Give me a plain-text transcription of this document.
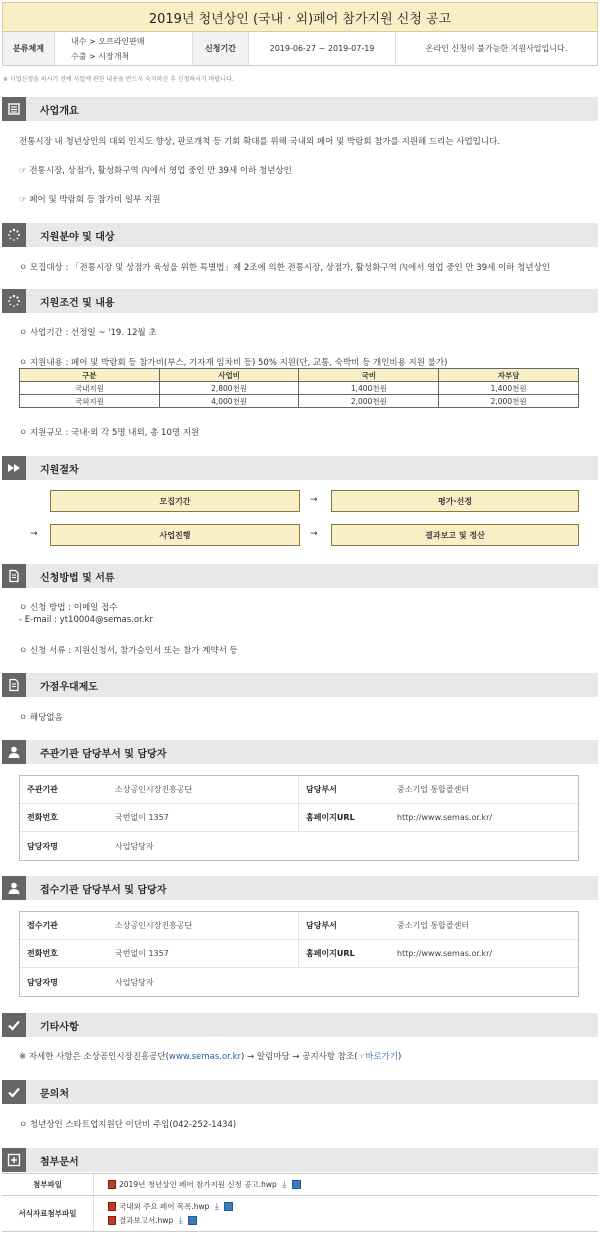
2019년 청년상인 (국내 · 외)페어 참가지원 신청 공고
분류체계
내수 > 오프라인판매
수출 > 시장개척
신청기간	2019-06-27 ~ 2019-07-19	온라인 신청이 불가능한 지원사업입니다.
※ 사업신청을 하시기 전에 사업에 관한 내용을 반드시 숙지하신 후 신청하시기 바랍니다.
사업개요
전통시장 내 청년상인의 대외 인지도 향상, 판로개척 등 기회 확대를 위해 국내외 페어 및 박람회 참가를 지원해 드리는 사업입니다.
☞ 전통시장, 상점가, 활성화구역 內에서 영업 중인 만 39세 이하 청년상인
☞ 페어 및 박람회 등 참가비 일부 지원
지원분야 및 대상
ㅇ 모집대상 : 「전통시장 및 상점가 육성을 위한 특별법」제 2조에 의한 전통시장, 상점가, 활성화구역 內에서 영업 중인 만 39세 이하 청년상인
지원조건 및 내용
ㅇ 사업기간 : 선정일 ~ '19. 12월 초
ㅇ 지원내용 : 페어 및 박람회 등 참가비(부스, 기자재 임차비 등) 50% 지원(단, 교통, 숙박비 등 개인비용 지원 불가)
구분	사업비	국비	자부담
국내지원	2,800천원	1,400천원	1,400천원
국외지원	4,000천원	2,000천원	2,000천원
ㅇ 지원규모 : 국내·외 각 5명 내외, 총 10명 지원
지원절차
모집기간	→	평가·선정
→	사업진행	→	결과보고 및 정산
신청방법 및 서류
ㅇ 신청 방법 : 이메일 접수
- E-mail : yt10004@semas.or.kr
ㅇ 신청 서류 : 지원신청서, 참가승인서 또는 참가 계약서 등
가점우대제도
ㅇ 해당없음
주관기관 담당부서 및 담당자
주관기관	소상공인시장진흥공단	담당부서	중소기업 통합콜센터
전화번호	국번없이 1357	홈페이지URL	http://www.semas.or.kr/
담당자명	사업담당자
접수기관 담당부서 및 담당자
접수기관	소상공인시장진흥공단	담당부서	중소기업 통합콜센터
전화번호	국번없이 1357	홈페이지URL	http://www.semas.or.kr/
담당자명	사업담당자
기타사항
※ 자세한 사항은 소상공인시장진흥공단(www.semas.or.kr) → 알림마당 → 공지사항 참조(☞바로가기)
문의처
ㅇ 청년상인 스타트업지원단 이단비 주임(042-252-1434)
첨부문서
첨부파일	2019년 청년상인 페어 참가지원 신청 공고.hwp ⤓
서식자료첨부파일
국내외 주요 페어 목록.hwp ⤓
결과보고서.hwp ⤓
